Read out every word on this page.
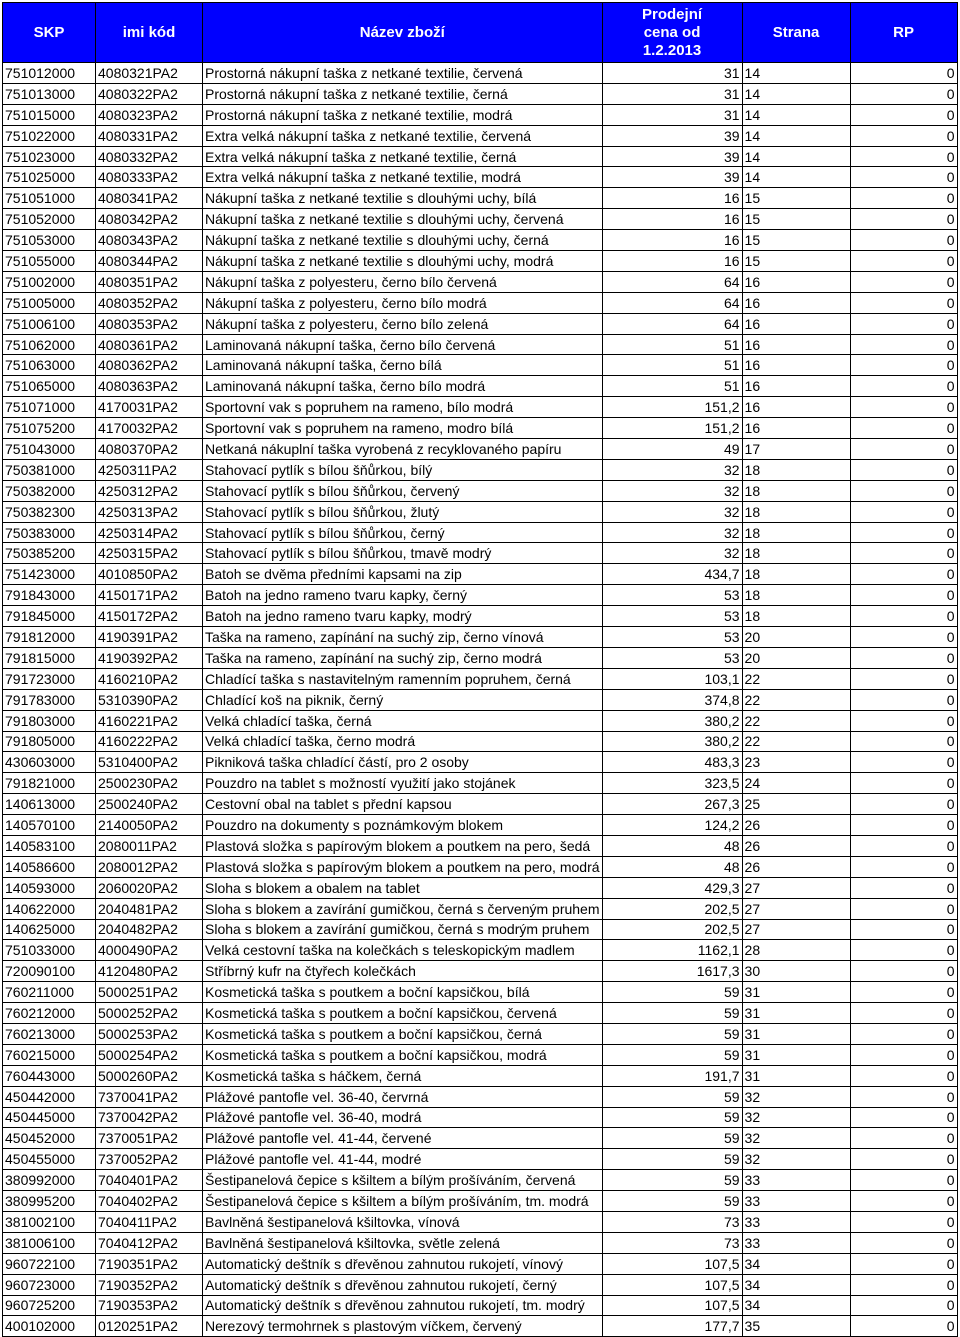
SKP	imi kód	Název zboží	Prodejní
cena od
1.2.2013	Strana	RP
751012000	4080321PA2	Prostorná nákupní taška z netkané textilie, červená	31	14	0
751013000	4080322PA2	Prostorná nákupní taška z netkané textilie, černá	31	14	0
751015000	4080323PA2	Prostorná nákupní taška z netkané textilie, modrá	31	14	0
751022000	4080331PA2	Extra velká nákupní taška z netkané textilie, červená	39	14	0
751023000	4080332PA2	Extra velká nákupní taška z netkané textilie, černá	39	14	0
751025000	4080333PA2	Extra velká nákupní taška z netkané textilie, modrá	39	14	0
751051000	4080341PA2	Nákupní taška z netkané textilie s dlouhými uchy, bílá	16	15	0
751052000	4080342PA2	Nákupní taška z netkané textilie s dlouhými uchy, červená	16	15	0
751053000	4080343PA2	Nákupní taška z netkané textilie s dlouhými uchy, černá	16	15	0
751055000	4080344PA2	Nákupní taška z netkané textilie s dlouhými uchy, modrá	16	15	0
751002000	4080351PA2	Nákupní taška z polyesteru, černo bílo červená	64	16	0
751005000	4080352PA2	Nákupní taška z polyesteru, černo bílo modrá	64	16	0
751006100	4080353PA2	Nákupní taška z polyesteru, černo bílo zelená	64	16	0
751062000	4080361PA2	Laminovaná nákupní taška, černo bílo červená	51	16	0
751063000	4080362PA2	Laminovaná nákupní taška, černo bílá	51	16	0
751065000	4080363PA2	Laminovaná nákupní taška, černo bílo modrá	51	16	0
751071000	4170031PA2	Sportovní vak s popruhem na rameno, bílo modrá	151,2	16	0
751075200	4170032PA2	Sportovní vak s popruhem na rameno, modro bílá	151,2	16	0
751043000	4080370PA2	Netkaná nákuplní taška vyrobená z recyklovaného papíru	49	17	0
750381000	4250311PA2	Stahovací pytlík s bílou šňůrkou, bílý	32	18	0
750382000	4250312PA2	Stahovací pytlík s bílou šňůrkou, červený	32	18	0
750382300	4250313PA2	Stahovací pytlík s bílou šňůrkou, žlutý	32	18	0
750383000	4250314PA2	Stahovací pytlík s bílou šňůrkou, černý	32	18	0
750385200	4250315PA2	Stahovací pytlík s bílou šňůrkou, tmavě modrý	32	18	0
751423000	4010850PA2	Batoh se dvěma předními kapsami na zip	434,7	18	0
791843000	4150171PA2	Batoh na jedno rameno tvaru kapky, černý	53	18	0
791845000	4150172PA2	Batoh na jedno rameno tvaru kapky, modrý	53	18	0
791812000	4190391PA2	Taška na rameno, zapínání na suchý zip, černo vínová	53	20	0
791815000	4190392PA2	Taška na rameno, zapínání na suchý zip, černo modrá	53	20	0
791723000	4160210PA2	Chladící taška s nastavitelným ramenním popruhem, černá	103,1	22	0
791783000	5310390PA2	Chladící koš na piknik, černý	374,8	22	0
791803000	4160221PA2	Velká chladící taška, černá	380,2	22	0
791805000	4160222PA2	Velká chladící taška, černo modrá	380,2	22	0
430603000	5310400PA2	Pikniková taška chladící částí, pro 2 osoby	483,3	23	0
791821000	2500230PA2	Pouzdro na tablet s možností využití jako stojánek	323,5	24	0
140613000	2500240PA2	Cestovní obal na tablet s přední kapsou	267,3	25	0
140570100	2140050PA2	Pouzdro na dokumenty s poznámkovým blokem	124,2	26	0
140583100	2080011PA2	Plastová složka s papírovým blokem a poutkem na pero, šedá	48	26	0
140586600	2080012PA2	Plastová složka s papírovým blokem a poutkem na pero, modrá	48	26	0
140593000	2060020PA2	Sloha s blokem a obalem na tablet	429,3	27	0
140622000	2040481PA2	Sloha s blokem a zavírání gumičkou, černá s červeným pruhem	202,5	27	0
140625000	2040482PA2	Sloha s blokem a zavírání gumičkou, černá s modrým pruhem	202,5	27	0
751033000	4000490PA2	Velká cestovní taška na kolečkách s teleskopickým madlem	1162,1	28	0
720090100	4120480PA2	Stříbrný kufr na čtyřech kolečkách	1617,3	30	0
760211000	5000251PA2	Kosmetická taška s poutkem a boční kapsičkou, bílá	59	31	0
760212000	5000252PA2	Kosmetická taška s poutkem a boční kapsičkou, červená	59	31	0
760213000	5000253PA2	Kosmetická taška s poutkem a boční kapsičkou, černá	59	31	0
760215000	5000254PA2	Kosmetická taška s poutkem a boční kapsičkou, modrá	59	31	0
760443000	5000260PA2	Kosmetická taška s háčkem, černá	191,7	31	0
450442000	7370041PA2	Plážové pantofle vel. 36-40, červrná	59	32	0
450445000	7370042PA2	Plážové pantofle vel. 36-40, modrá	59	32	0
450452000	7370051PA2	Plážové pantofle vel. 41-44, červené	59	32	0
450455000	7370052PA2	Plážové pantofle vel. 41-44, modré	59	32	0
380992000	7040401PA2	Šestipanelová čepice s kšiltem a bílým prošíváním, červená	59	33	0
380995200	7040402PA2	Šestipanelová čepice s kšiltem a bílým prošíváním, tm. modrá	59	33	0
381002100	7040411PA2	Bavlněná šestipanelová kšiltovka, vínová	73	33	0
381006100	7040412PA2	Bavlněná šestipanelová kšiltovka, světle zelená	73	33	0
960722100	7190351PA2	Automatický deštník s dřevěnou zahnutou rukojetí, vínový	107,5	34	0
960723000	7190352PA2	Automatický deštník s dřevěnou zahnutou rukojetí, černý	107,5	34	0
960725200	7190353PA2	Automatický deštník s dřevěnou zahnutou rukojetí, tm. modrý	107,5	34	0
400102000	0120251PA2	Nerezový termohrnek s plastovým víčkem, červený	177,7	35	0
